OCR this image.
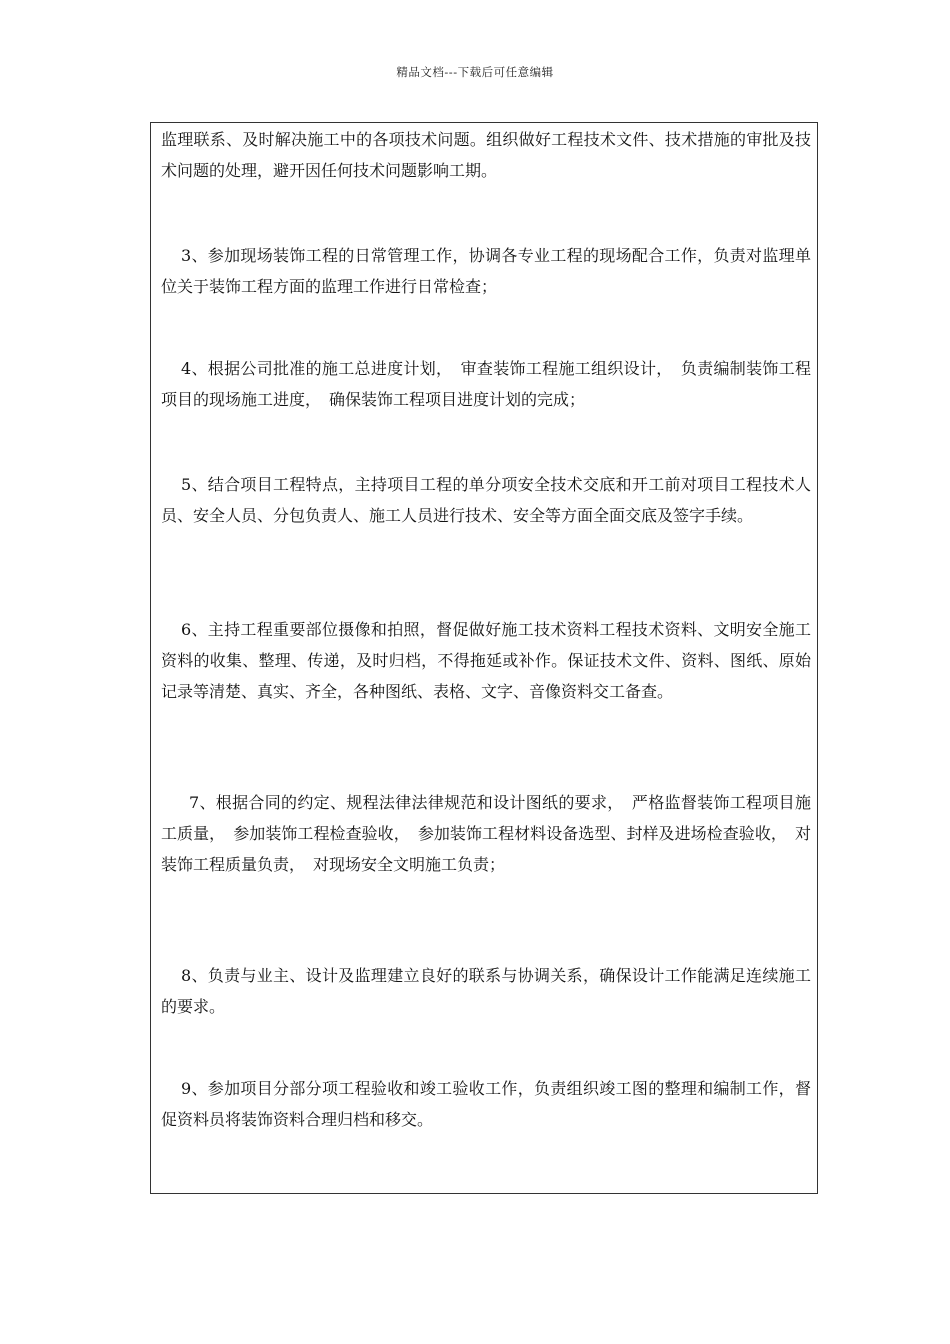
精品文档---下载后可任意编辑

监理联系、及时解决施工中的各项技术问题。组织做好工程技术文件、技术措施的审批及技术问题的处理，避开因任何技术问题影响工期。

3、参加现场装饰工程的日常管理工作，协调各专业工程的现场配合工作，负责对监理单位关于装饰工程方面的监理工作进行日常检查；

4、根据公司批准的施工总进度计划，　审查装饰工程施工组织设计，　负责编制装饰工程项目的现场施工进度，　确保装饰工程项目进度计划的完成；

5、结合项目工程特点，主持项目工程的单分项安全技术交底和开工前对项目工程技术人员、安全人员、分包负责人、施工人员进行技术、安全等方面全面交底及签字手续。

6、主持工程重要部位摄像和拍照，督促做好施工技术资料工程技术资料、文明安全施工资料的收集、整理、传递，及时归档，不得拖延或补作。保证技术文件、资料、图纸、原始记录等清楚、真实、齐全，各种图纸、表格、文字、音像资料交工备查。

7、根据合同的约定、规程法律法律规范和设计图纸的要求，　严格监督装饰工程项目施工质量，　参加装饰工程检查验收，　参加装饰工程材料设备选型、封样及进场检查验收，　对装饰工程质量负责，　对现场安全文明施工负责；

8、负责与业主、设计及监理建立良好的联系与协调关系，确保设计工作能满足连续施工的要求。

9、参加项目分部分项工程验收和竣工验收工作，负责组织竣工图的整理和编制工作，督促资料员将装饰资料合理归档和移交。
